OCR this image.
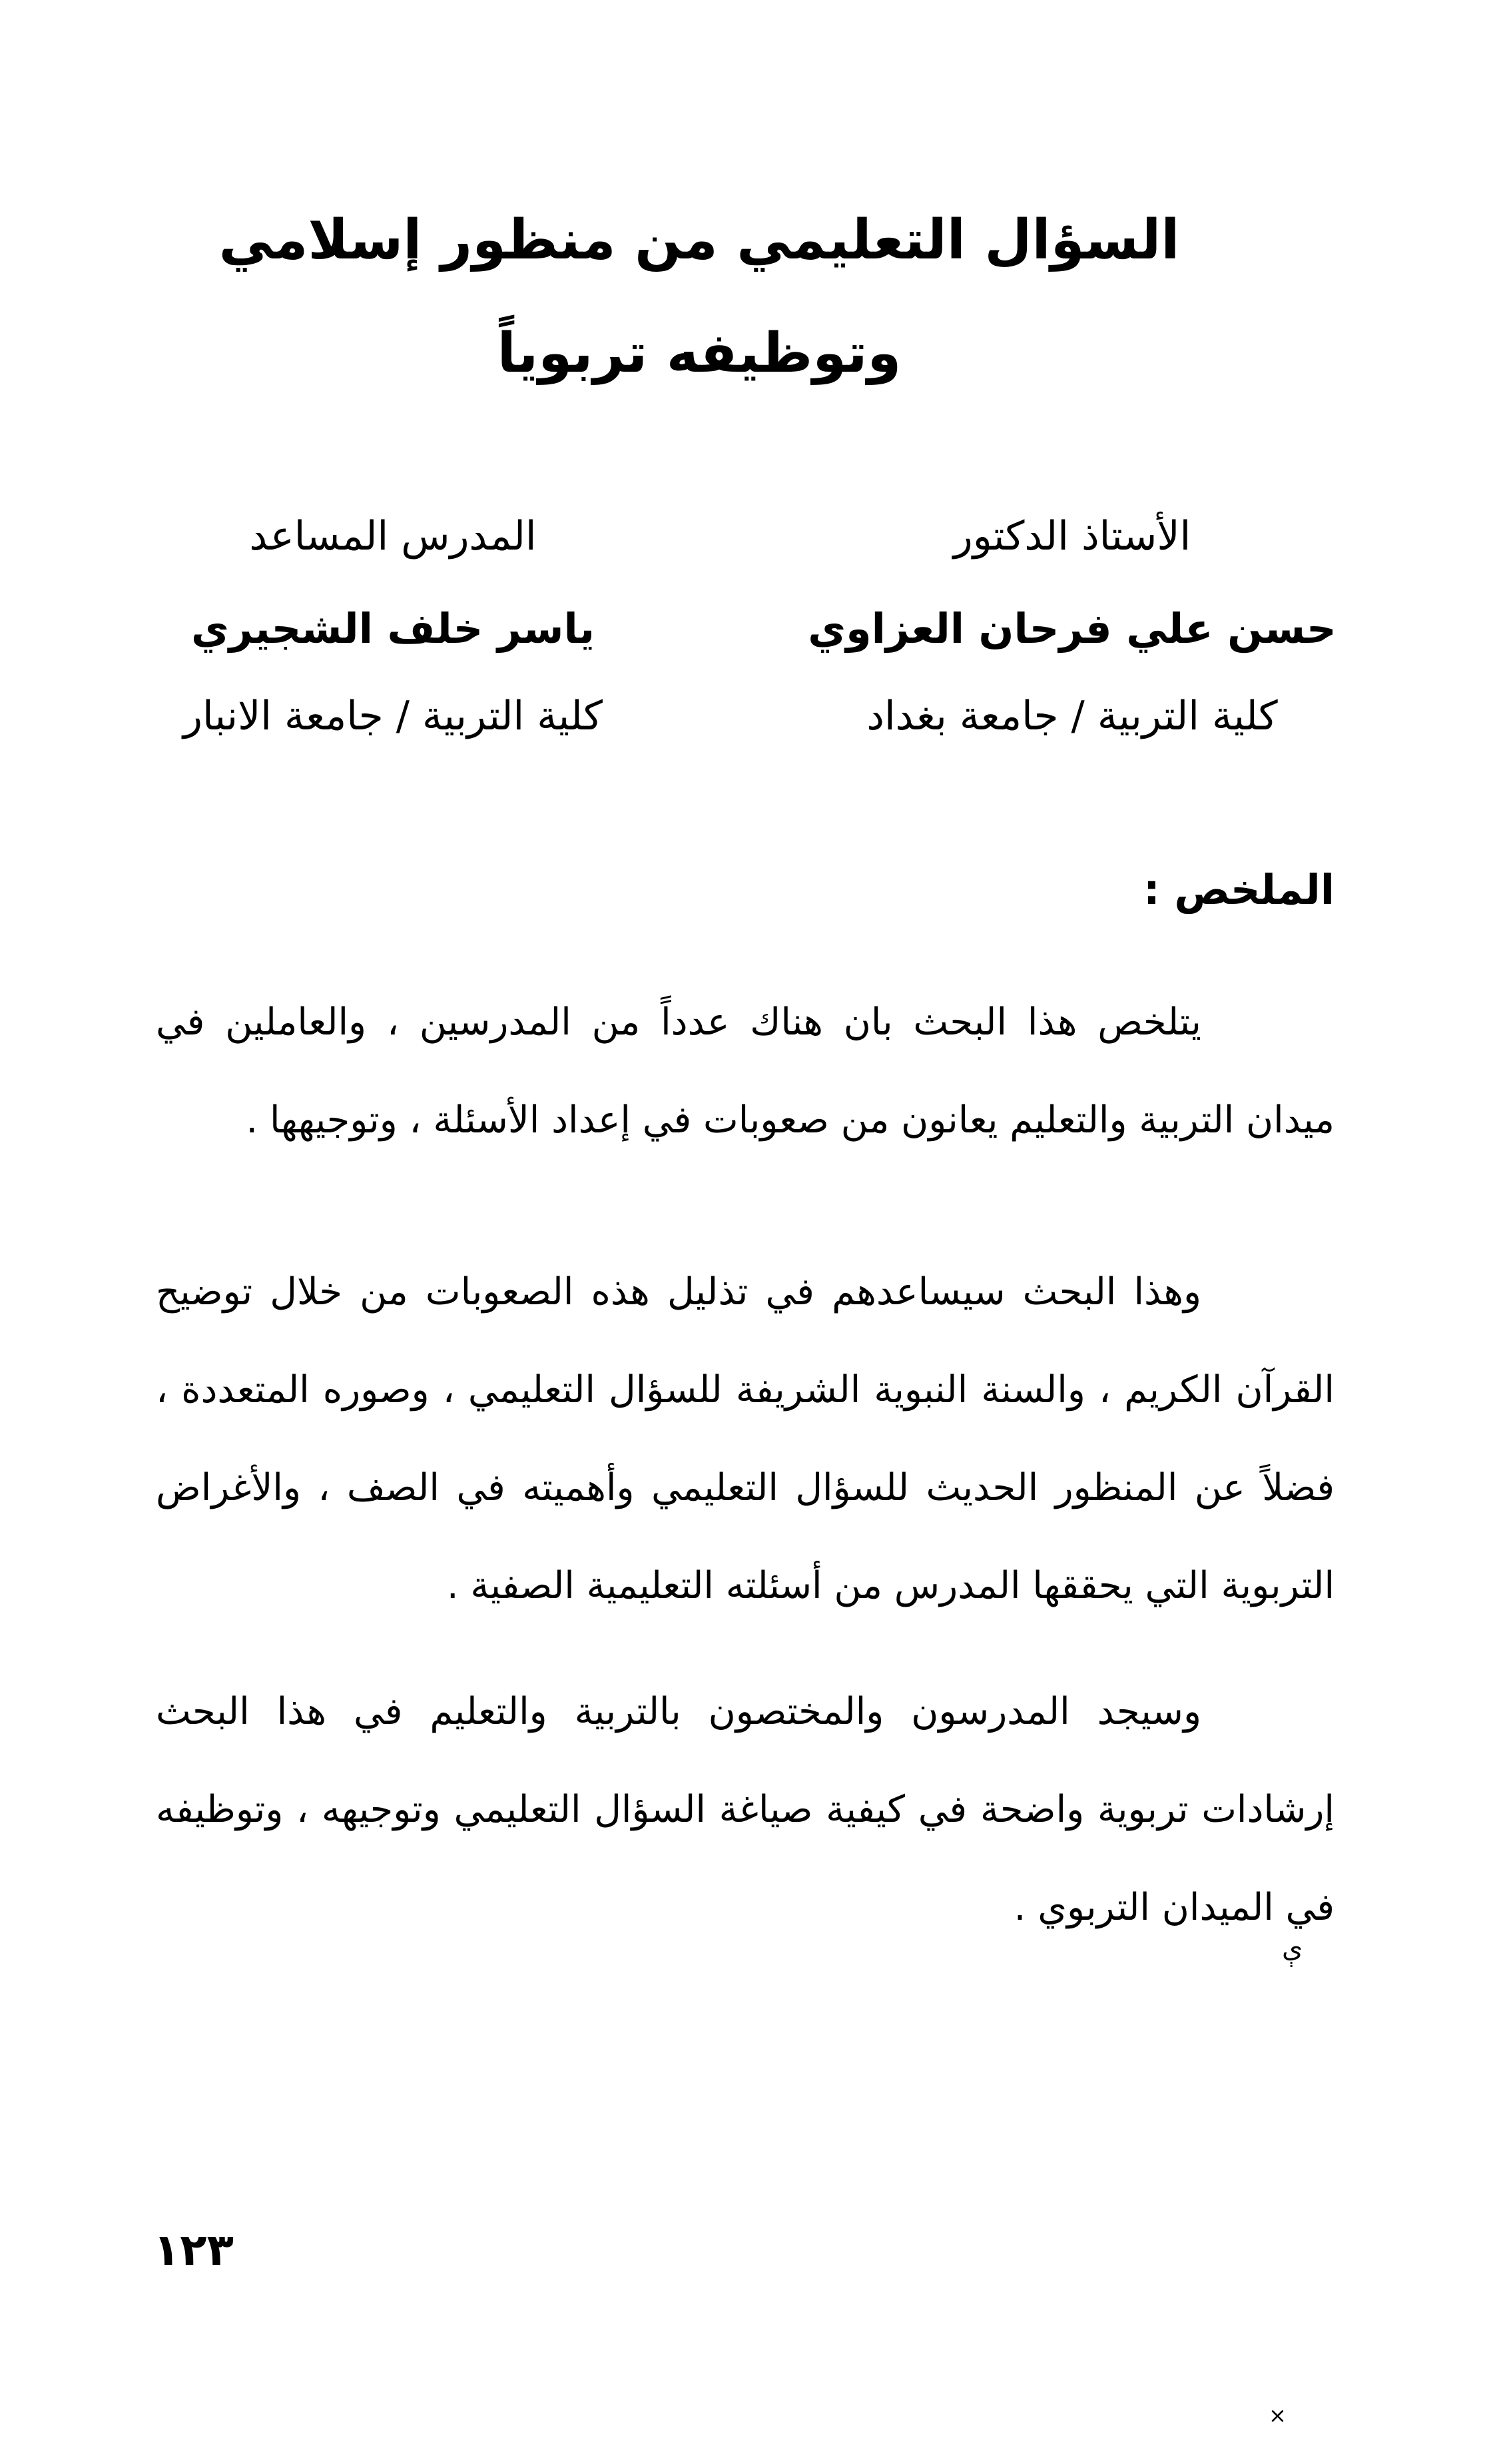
السؤال التعليمي من منظور إسلامي
وتوظيفه تربوياً
الأستاذ الدكتور
حسن علي فرحان العزاوي
كلية التربية / جامعة بغداد
المدرس المساعد
ياسر خلف الشجيري
كلية التربية / جامعة الانبار
الملخص :

يتلخص هذا البحث بان هناك عدداً من المدرسين ، والعاملين في ميدان التربية والتعليم يعانون من صعوبات في إعداد الأسئلة ، وتوجيهها .

وهذا البحث سيساعدهم في تذليل هذه الصعوبات من خلال توضيح القرآن الكريم ، والسنة النبوية الشريفة للسؤال التعليمي ، وصوره المتعددة ، فضلاً عن المنظور الحديث للسؤال التعليمي وأهميته في الصف ، والأغراض التربوية التي يحققها المدرس من أسئلته التعليمية الصفية .

وسيجد المدرسون والمختصون بالتربية والتعليم في هذا البحث إرشادات تربوية واضحة في كيفية صياغة السؤال التعليمي وتوجيهه ، وتوظيفه في الميدان التربوي .

ې
١٢٣
×
